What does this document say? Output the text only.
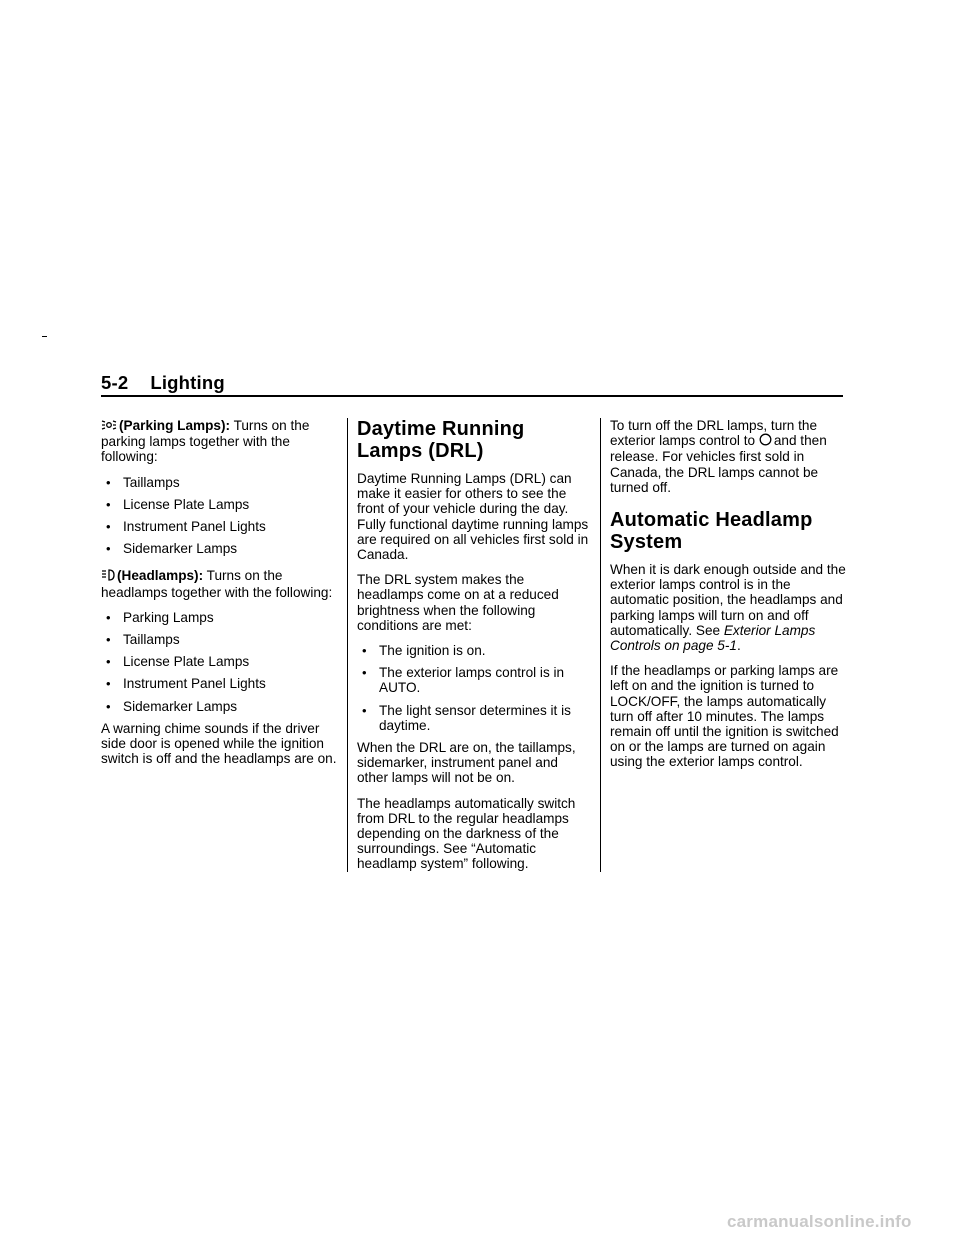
5-2 Lighting

(Parking Lamps): Turns on the parking lamps together with the following:

• Taillamps
• License Plate Lamps
• Instrument Panel Lights
• Sidemarker Lamps

(Headlamps): Turns on the headlamps together with the following:

• Parking Lamps
• Taillamps
• License Plate Lamps
• Instrument Panel Lights
• Sidemarker Lamps

A warning chime sounds if the driver side door is opened while the ignition switch is off and the headlamps are on.

Daytime Running Lamps (DRL)

Daytime Running Lamps (DRL) can make it easier for others to see the front of your vehicle during the day. Fully functional daytime running lamps are required on all vehicles first sold in Canada.

The DRL system makes the headlamps come on at a reduced brightness when the following conditions are met:

• The ignition is on.
• The exterior lamps control is in AUTO.
• The light sensor determines it is daytime.

When the DRL are on, the taillamps, sidemarker, instrument panel and other lamps will not be on.

The headlamps automatically switch from DRL to the regular headlamps depending on the darkness of the surroundings. See “Automatic headlamp system” following.

To turn off the DRL lamps, turn the exterior lamps control to and then release. For vehicles first sold in Canada, the DRL lamps cannot be turned off.

Automatic Headlamp System

When it is dark enough outside and the exterior lamps control is in the automatic position, the headlamps and parking lamps will turn on and off automatically. See Exterior Lamps Controls on page 5‑1.

If the headlamps or parking lamps are left on and the ignition is turned to LOCK/OFF, the lamps automatically turn off after 10 minutes. The lamps remain off until the ignition is switched on or the lamps are turned on again using the exterior lamps control.

carmanualsonline.info
